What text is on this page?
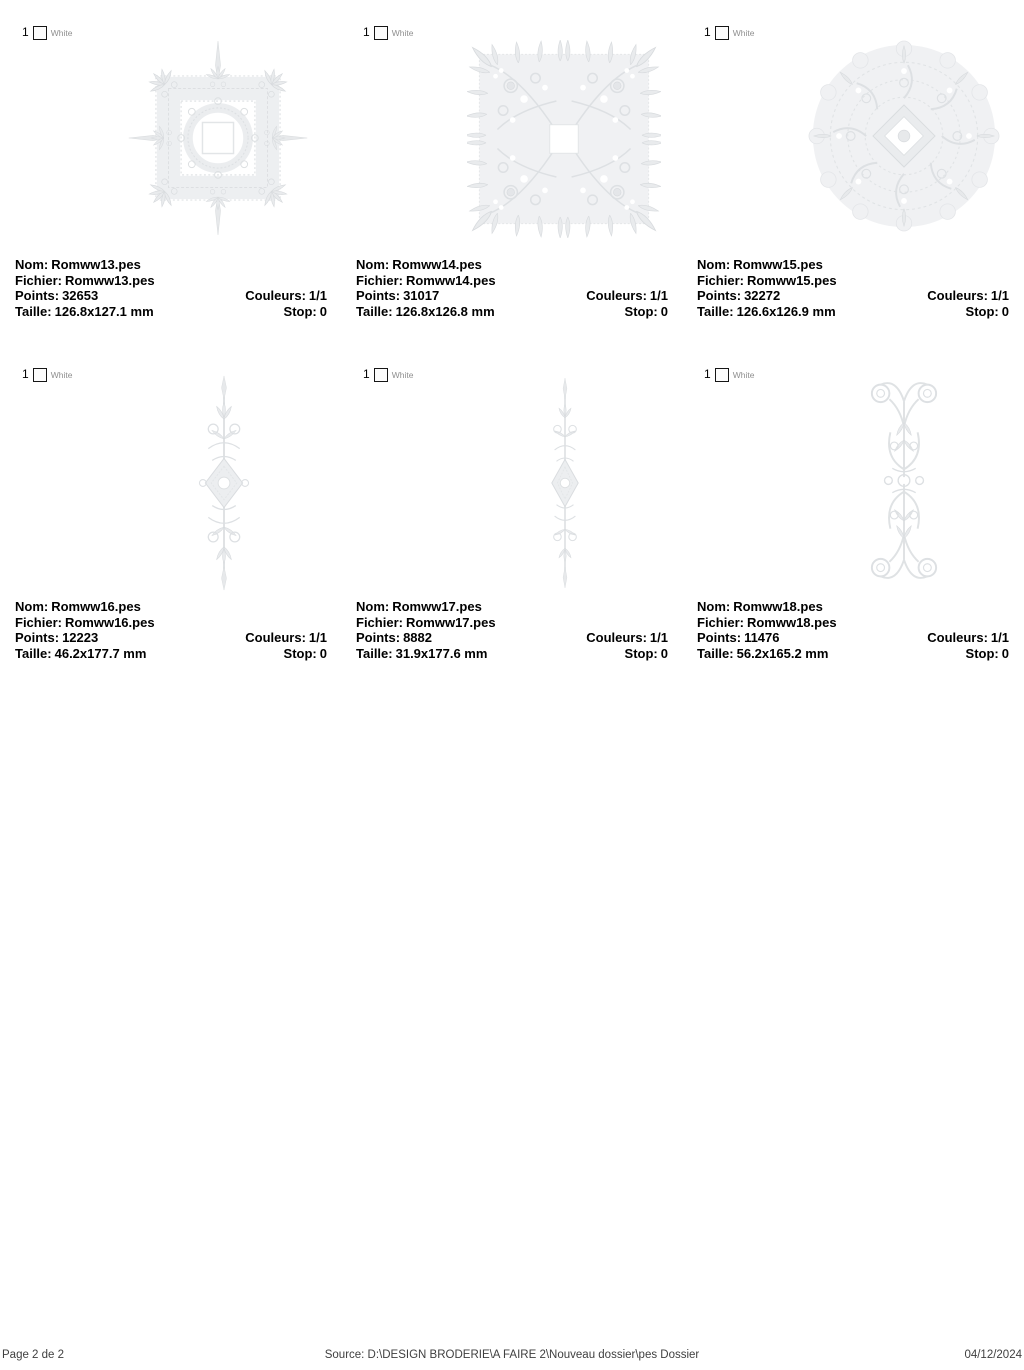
1	White
Nom: Romww13.pes
Fichier: Romww13.pes
Points: 32653
Taille: 126.8x127.1 mm
Couleurs: 1/1
Stop: 0
1	White
Nom: Romww14.pes
Fichier: Romww14.pes
Points: 31017
Taille: 126.8x126.8 mm
Couleurs: 1/1
Stop: 0
1	White
Nom: Romww15.pes
Fichier: Romww15.pes
Points: 32272
Taille: 126.6x126.9 mm
Couleurs: 1/1
Stop: 0
1	White
Nom: Romww16.pes
Fichier: Romww16.pes
Points: 12223
Taille: 46.2x177.7 mm
Couleurs: 1/1
Stop: 0
1	White
Nom: Romww17.pes
Fichier: Romww17.pes
Points: 8882
Taille: 31.9x177.6 mm
Couleurs: 1/1
Stop: 0
1	White
Nom: Romww18.pes
Fichier: Romww18.pes
Points: 11476
Taille: 56.2x165.2 mm
Couleurs: 1/1
Stop: 0
Page 2 de 2	Source: D:\DESIGN BRODERIE\A FAIRE 2\Nouveau dossier\pes Dossier	04/12/2024
